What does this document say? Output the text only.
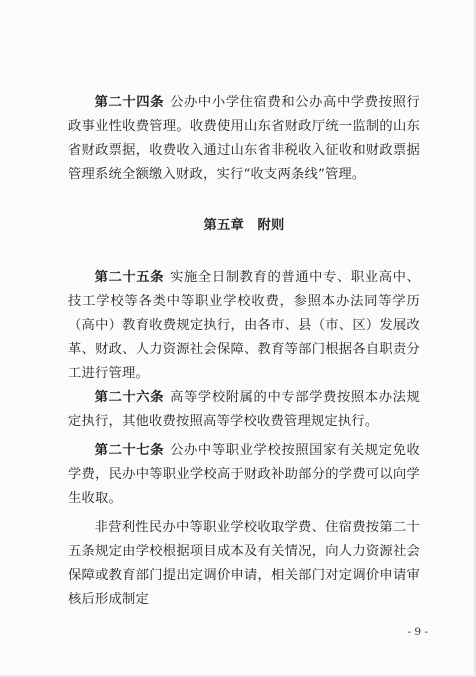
第二十四条 公办中小学住宿费和公办高中学费按照行政事业性收费管理。收费使用山东省财政厅统一监制的山东省财政票据，收费收入通过山东省非税收入征收和财政票据管理系统全额缴入财政，实行“收支两条线”管理。

第五章　附则

第二十五条 实施全日制教育的普通中专、职业高中、技工学校等各类中等职业学校收费，参照本办法同等学历（高中）教育收费规定执行，由各市、县（市、区）发展改革、财政、人力资源社会保障、教育等部门根据各自职责分工进行管理。

第二十六条 高等学校附属的中专部学费按照本办法规定执行，其他收费按照高等学校收费管理规定执行。

第二十七条 公办中等职业学校按照国家有关规定免收学费，民办中等职业学校高于财政补助部分的学费可以向学生收取。

非营利性民办中等职业学校收取学费、住宿费按第二十五条规定由学校根据项目成本及有关情况，向人力资源社会保障或教育部门提出定调价申请，相关部门对定调价申请审核后形成制定

- 9 -
